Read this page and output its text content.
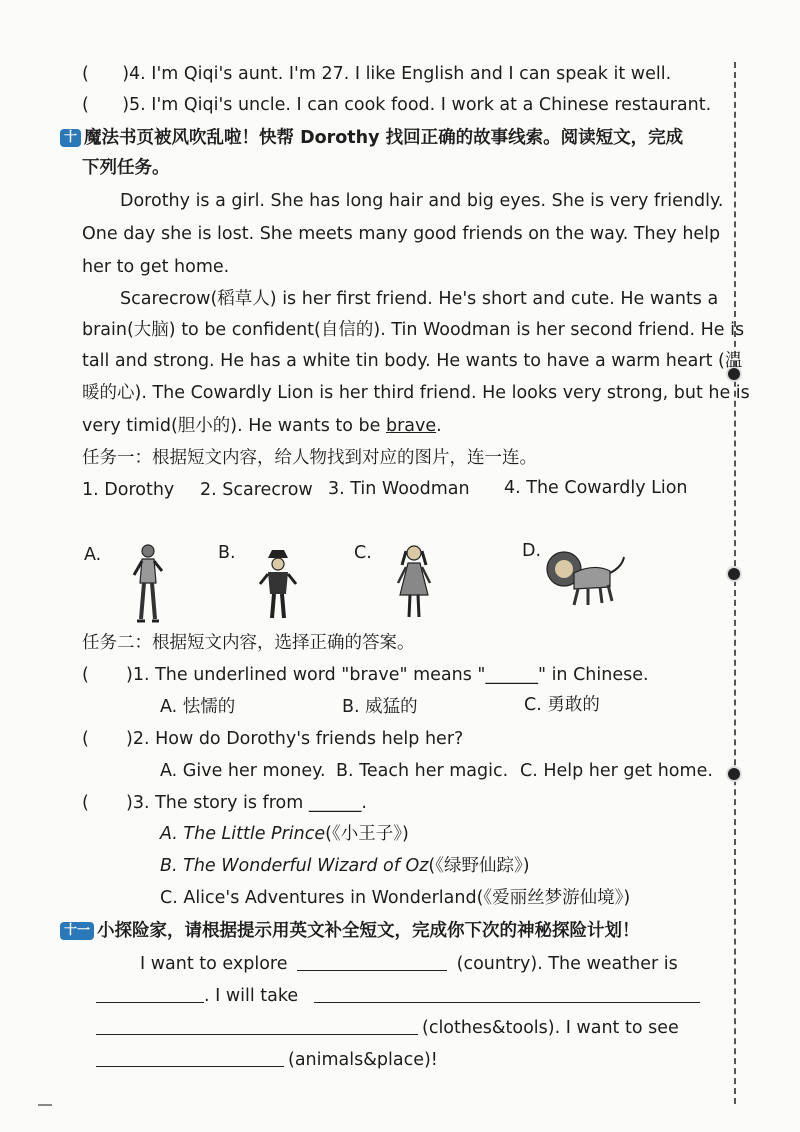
(      )4. I'm Qiqi's aunt. I'm 27. I like English and I can speak it well.
(      )5. I'm Qiqi's uncle. I can cook food. I work at a Chinese restaurant.
十 魔法书页被风吹乱啦！快帮 Dorothy 找回正确的故事线索。阅读短文，完成
下列任务。
Dorothy is a girl. She has long hair and big eyes. She is very friendly.
One day she is lost. She meets many good friends on the way. They help
her to get home.
Scarecrow(稻草人) is her first friend. He's short and cute. He wants a
brain(大脑) to be confident(自信的). Tin Woodman is her second friend. He is
tall and strong. He has a white tin body. He wants to have a warm heart (温
暖的心). The Cowardly Lion is her third friend. He looks very strong, but he is
very timid(胆小的). He wants to be brave.
任务一：根据短文内容，给人物找到对应的图片，连一连。
1. Dorothy 2. Scarecrow 3. Tin Woodman 4. The Cowardly Lion
A.	B.	C.	D.
任务二：根据短文内容，选择正确的答案。
( )1. The underlined word "brave" means "______" in Chinese.
A. 怯懦的	B. 威猛的	C. 勇敢的
( )2. How do Dorothy's friends help her?
A. Give her money. B. Teach her magic. C. Help her get home.
( )3. The story is from ______.
A. The Little Prince(《小王子》)
B. The Wonderful Wizard of Oz(《绿野仙踪》)
C. Alice's Adventures in Wonderland(《爱丽丝梦游仙境》)
十一 小探险家，请根据提示用英文补全短文，完成你下次的神秘探险计划！
I want to explore	(country). The weather is
. I will take
(clothes&tools). I want to see
(animals&place)!
